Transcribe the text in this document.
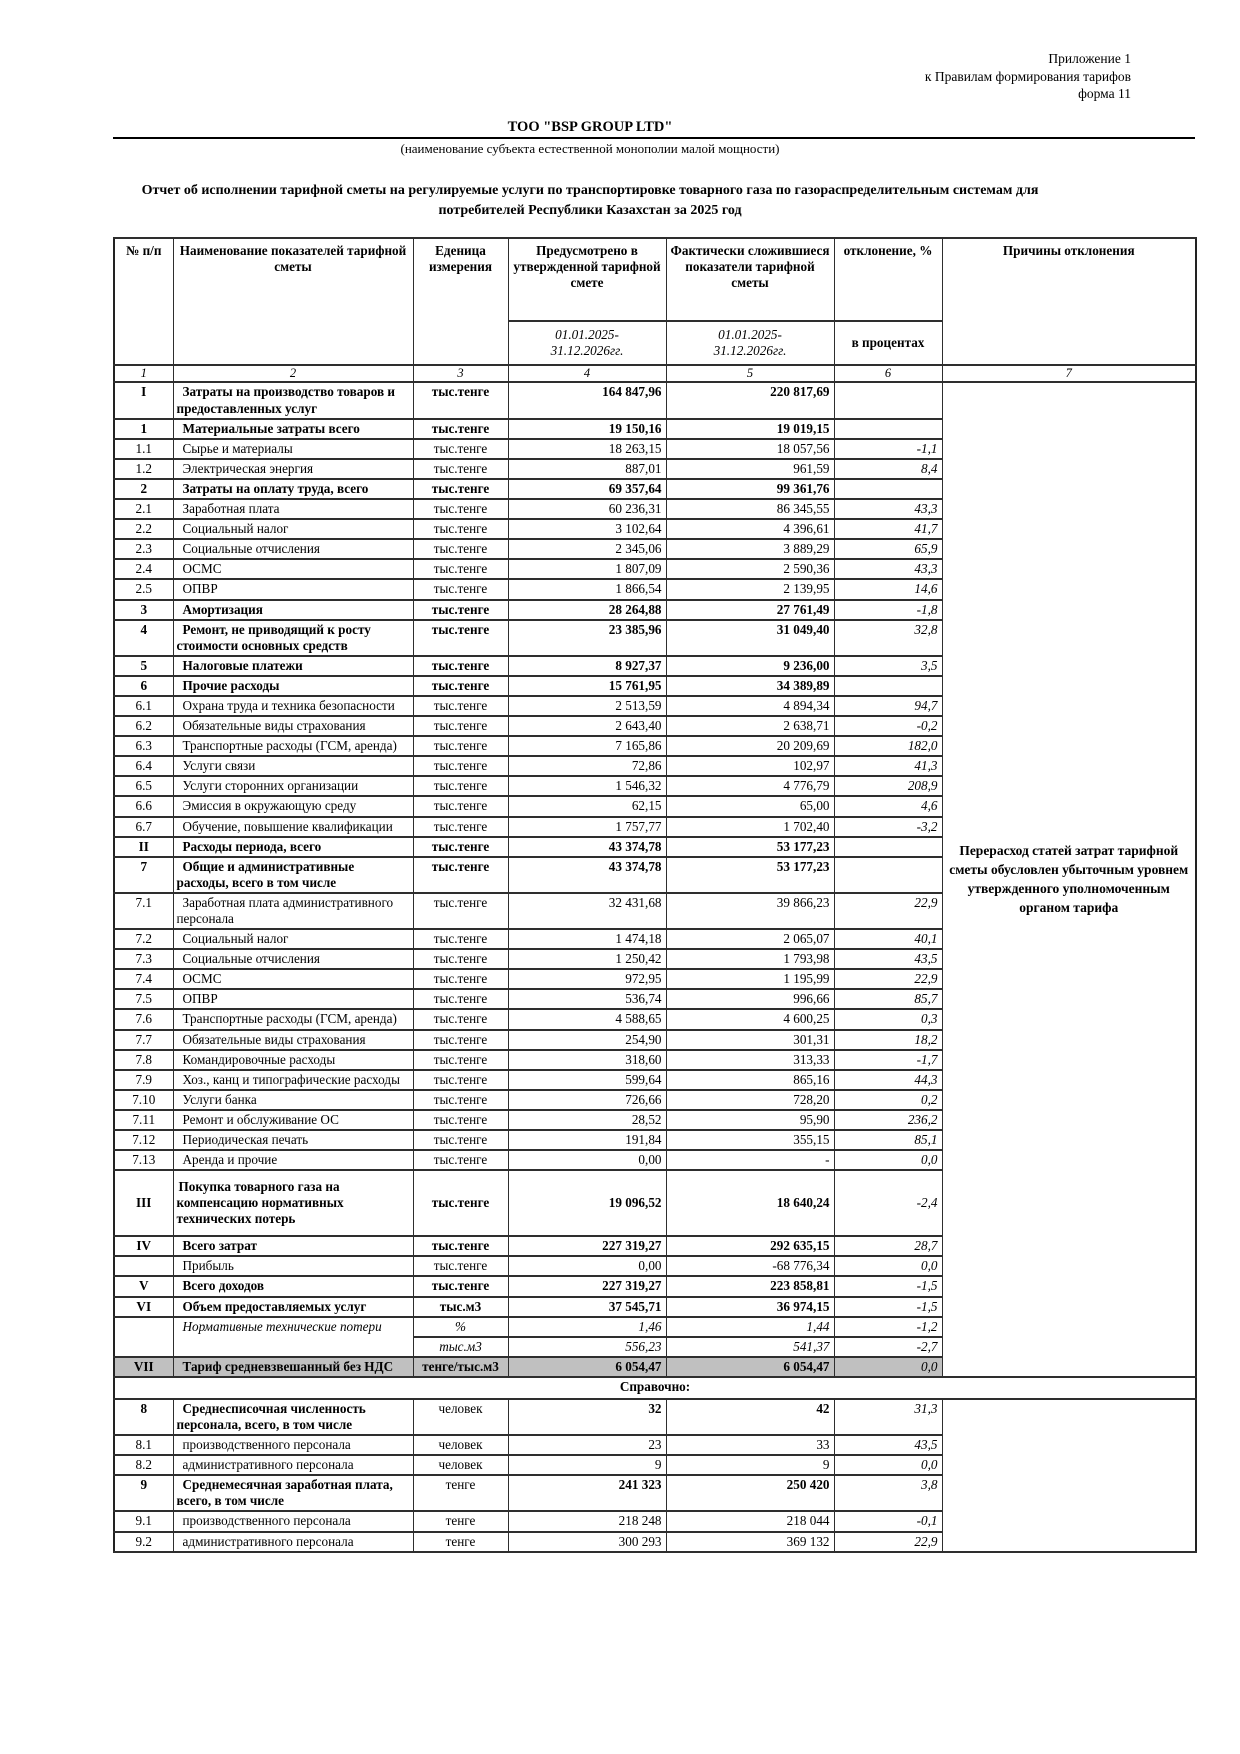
Приложение 1
к Правилам формирования тарифов
форма 11
ТОО "BSP GROUP LTD"
(наименование субъекта естественной монополии малой мощности)
Отчет об исполнении тарифной сметы на регулируемые услуги по транспортировке товарного газа по газораспределительным системам для потребителей Республики Казахстан за 2025 год
№ п/п	Наименование показателей тарифной сметы	Еденица измерения	Предусмотрено в утвержденной тарифной смете	Фактически сложившиеся показатели тарифной сметы	отклонение, %	Причины отклонения
			01.01.2025-31.12.2026гг.	01.01.2025-31.12.2026гг.	в процентах	
1	2	3	4	5	6	7
I	Затраты на производство товаров и предоставленных услуг	тыс.тенге	164 847,96	220 817,69		Перерасход статей затрат тарифной сметы обусловлен убыточным уровнем утвержденного уполномоченным органом тарифа
1	Материальные затраты всего	тыс.тенге	19 150,16	19 019,15		
1.1	Сырье и материалы	тыс.тенге	18 263,15	18 057,56	-1,1	
1.2	Электрическая энергия	тыс.тенге	887,01	961,59	8,4	
2	Затраты на оплату труда, всего	тыс.тенге	69 357,64	99 361,76		
2.1	Заработная плата	тыс.тенге	60 236,31	86 345,55	43,3	
2.2	Социальный налог	тыс.тенге	3 102,64	4 396,61	41,7	
2.3	Социальные отчисления	тыс.тенге	2 345,06	3 889,29	65,9	
2.4	ОСМС	тыс.тенге	1 807,09	2 590,36	43,3	
2.5	ОПВР	тыс.тенге	1 866,54	2 139,95	14,6	
3	Амортизация	тыс.тенге	28 264,88	27 761,49	-1,8	
4	Ремонт, не приводящий к росту стоимости основных средств	тыс.тенге	23 385,96	31 049,40	32,8	
5	Налоговые платежи	тыс.тенге	8 927,37	9 236,00	3,5	
6	Прочие расходы	тыс.тенге	15 761,95	34 389,89		
6.1	Охрана труда и техника безопасности	тыс.тенге	2 513,59	4 894,34	94,7	
6.2	Обязательные виды страхования	тыс.тенге	2 643,40	2 638,71	-0,2	
6.3	Транспортные расходы (ГСМ, аренда)	тыс.тенге	7 165,86	20 209,69	182,0	
6.4	Услуги связи	тыс.тенге	72,86	102,97	41,3	
6.5	Услуги сторонних организации	тыс.тенге	1 546,32	4 776,79	208,9	
6.6	Эмиссия в окружающую среду	тыс.тенге	62,15	65,00	4,6	
6.7	Обучение, повышение квалификации	тыс.тенге	1 757,77	1 702,40	-3,2	
II	Расходы периода, всего	тыс.тенге	43 374,78	53 177,23		
7	Общие и административные расходы, всего в том числе	тыс.тенге	43 374,78	53 177,23		
7.1	Заработная плата административного персонала	тыс.тенге	32 431,68	39 866,23	22,9	
7.2	Социальный налог	тыс.тенге	1 474,18	2 065,07	40,1	
7.3	Социальные отчисления	тыс.тенге	1 250,42	1 793,98	43,5	
7.4	ОСМС	тыс.тенге	972,95	1 195,99	22,9	
7.5	ОПВР	тыс.тенге	536,74	996,66	85,7	
7.6	Транспортные расходы (ГСМ, аренда)	тыс.тенге	4 588,65	4 600,25	0,3	
7.7	Обязательные виды страхования	тыс.тенге	254,90	301,31	18,2	
7.8	Командировочные расходы	тыс.тенге	318,60	313,33	-1,7	
7.9	Хоз., канц и типографические расходы	тыс.тенге	599,64	865,16	44,3	
7.10	Услуги банка	тыс.тенге	726,66	728,20	0,2	
7.11	Ремонт и обслуживание ОС	тыс.тенге	28,52	95,90	236,2	
7.12	Периодическая печать	тыс.тенге	191,84	355,15	85,1	
7.13	Аренда и прочие	тыс.тенге	0,00	-	0,0	
III	Покупка товарного газа на компенсацию нормативных технических потерь	тыс.тенге	19 096,52	18 640,24	-2,4	
IV	Всего затрат	тыс.тенге	227 319,27	292 635,15	28,7	
	Прибыль	тыс.тенге	0,00	-68 776,34	0,0	
V	Всего доходов	тыс.тенге	227 319,27	223 858,81	-1,5	
VI	Объем предоставляемых услуг	тыс.м3	37 545,71	36 974,15	-1,5	
	Нормативные технические потери	%	1,46	1,44	-1,2	
		тыс.м3	556,23	541,37	-2,7	
VII	Тариф средневзвешанный без НДС	тенге/тыс.м3	6 054,47	6 054,47	0,0	
Справочно:						
8	Среднесписочная численность персонала, всего, в том числе	человек	32	42	31,3	
8.1	производственного персонала	человек	23	33	43,5	
8.2	административного персонала	человек	9	9	0,0	
9	Среднемесячная заработная плата, всего, в том числе	тенге	241 323	250 420	3,8	
9.1	производственного персонала	тенге	218 248	218 044	-0,1	
9.2	административного персонала	тенге	300 293	369 132	22,9	
